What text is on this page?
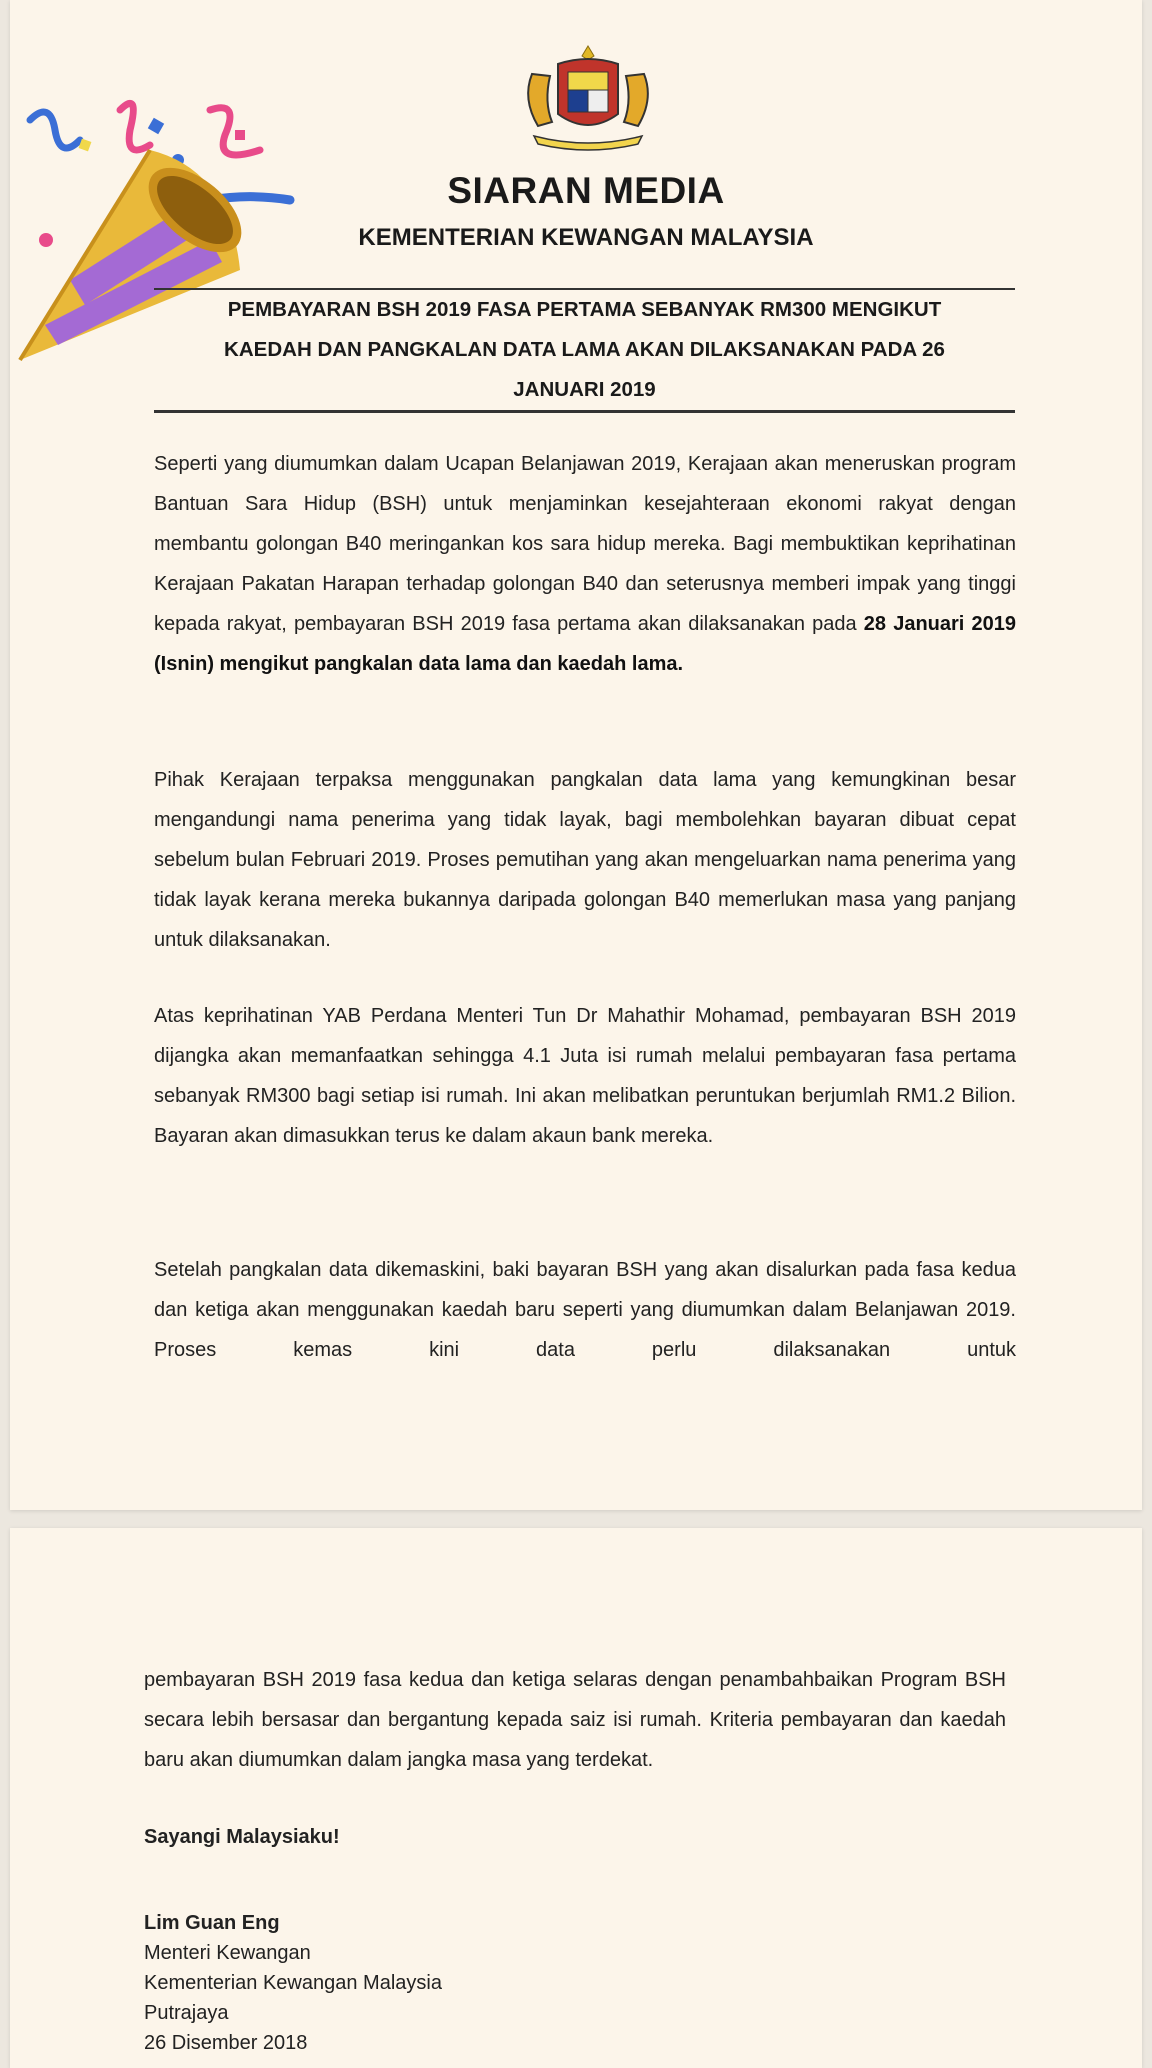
SIARAN MEDIA
KEMENTERIAN KEWANGAN MALAYSIA
PEMBAYARAN BSH 2019 FASA PERTAMA SEBANYAK RM300 MENGIKUT
KAEDAH DAN PANGKALAN DATA LAMA AKAN DILAKSANAKAN PADA 26
JANUARI 2019

Seperti yang diumumkan dalam Ucapan Belanjawan 2019, Kerajaan akan meneruskan program Bantuan Sara Hidup (BSH) untuk menjaminkan kesejahteraan ekonomi rakyat dengan membantu golongan B40 meringankan kos sara hidup mereka. Bagi membuktikan keprihatinan Kerajaan Pakatan Harapan terhadap golongan B40 dan seterusnya memberi impak yang tinggi kepada rakyat, pembayaran BSH 2019 fasa pertama akan dilaksanakan pada 28 Januari 2019 (Isnin) mengikut pangkalan data lama dan kaedah lama.

Pihak Kerajaan terpaksa menggunakan pangkalan data lama yang kemungkinan besar mengandungi nama penerima yang tidak layak, bagi membolehkan bayaran dibuat cepat sebelum bulan Februari 2019. Proses pemutihan yang akan mengeluarkan nama penerima yang tidak layak kerana mereka bukannya daripada golongan B40 memerlukan masa yang panjang untuk dilaksanakan.

Atas keprihatinan YAB Perdana Menteri Tun Dr Mahathir Mohamad, pembayaran BSH 2019 dijangka akan memanfaatkan sehingga 4.1 Juta isi rumah melalui pembayaran fasa pertama sebanyak RM300 bagi setiap isi rumah. Ini akan melibatkan peruntukan berjumlah RM1.2 Bilion. Bayaran akan dimasukkan terus ke dalam akaun bank mereka.

Setelah pangkalan data dikemaskini, baki bayaran BSH yang akan disalurkan pada fasa kedua dan ketiga akan menggunakan kaedah baru seperti yang diumumkan dalam Belanjawan 2019. Proses kemas kini data perlu dilaksanakan untuk

pembayaran BSH 2019 fasa kedua dan ketiga selaras dengan penambahbaikan Program BSH secara lebih bersasar dan bergantung kepada saiz isi rumah. Kriteria pembayaran dan kaedah baru akan diumumkan dalam jangka masa yang terdekat.

Sayangi Malaysiaku!

Lim Guan Eng

Menteri Kewangan

Kementerian Kewangan Malaysia

Putrajaya

26 Disember 2018
